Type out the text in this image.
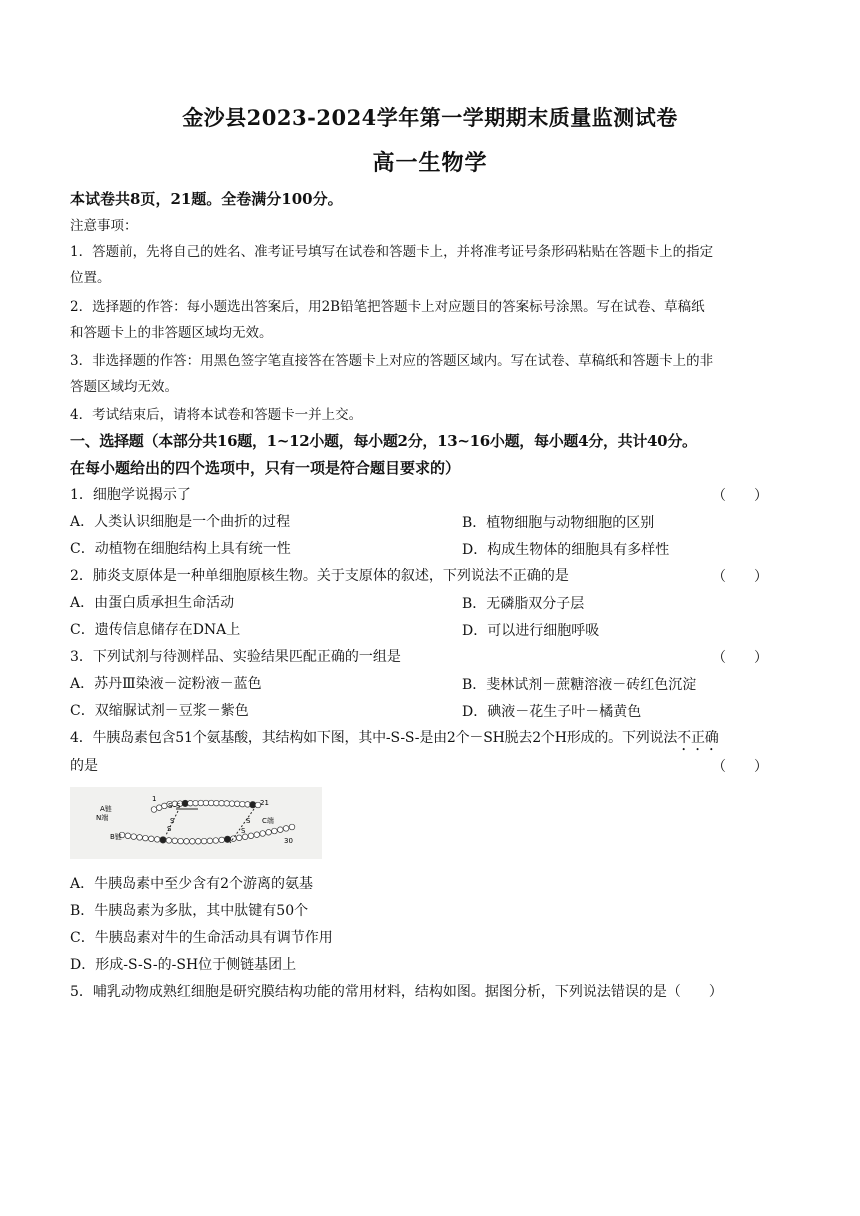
金沙县2023-2024学年第一学期期末质量监测试卷
高一生物学
本试卷共8页，21题。全卷满分100分。
注意事项：
1．答题前，先将自己的姓名、准考证号填写在试卷和答题卡上，并将准考证号条形码粘贴在答题卡上的指定
位置。
2．选择题的作答：每小题选出答案后，用2B铅笔把答题卡上对应题目的答案标号涂黑。写在试卷、草稿纸
和答题卡上的非答题区域均无效。
3．非选择题的作答：用黑色签字笔直接答在答题卡上对应的答题区域内。写在试卷、草稿纸和答题卡上的非
答题区域均无效。
4．考试结束后，请将本试卷和答题卡一并上交。
一、选择题（本部分共16题，1~12小题，每小题2分，13~16小题，每小题4分，共计40分。
在每小题给出的四个选项中，只有一项是符合题目要求的）
1．细胞学说揭示了	（　　）
A．人类认识细胞是一个曲折的过程	B．植物细胞与动物细胞的区别
C．动植物在细胞结构上具有统一性	D．构成生物体的细胞具有多样性
2．肺炎支原体是一种单细胞原核生物。关于支原体的叙述，下列说法不正确的是	（　　）
A．由蛋白质承担生命活动	B．无磷脂双分子层
C．遗传信息储存在DNA上	D．可以进行细胞呼吸
3．下列试剂与待测样品、实验结果匹配正确的一组是	（　　）
A．苏丹Ⅲ染液－淀粉液－蓝色	B．斐林试剂－蔗糖溶液－砖红色沉淀
C．双缩脲试剂－豆浆－紫色	D．碘液－花生子叶－橘黄色
4．牛胰岛素包含51个氨基酸，其结构如下图，其中-S-S-是由2个－SH脱去2个H形成的。下列说法不正确
的是	（　　）
S–S
S
S
S
S
A链
N端
B链
1	21
C端
30
A．牛胰岛素中至少含有2个游离的氨基
B．牛胰岛素为多肽，其中肽键有50个
C．牛胰岛素对牛的生命活动具有调节作用
D．形成-S-S-的-SH位于侧链基团上
5．哺乳动物成熟红细胞是研究膜结构功能的常用材料，结构如图。据图分析，下列说法错误的是（　　）
